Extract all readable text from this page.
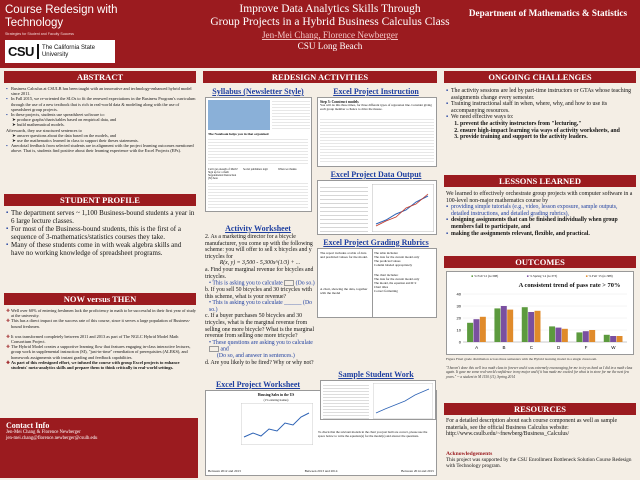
Course Redesign with Technology
Strategies for Student and Faculty Success
CSU The California State University
Improve Data Analytics Skills Through
Group Projects in a Hybrid Business Calculus Class
Jen-Mei Chang, Florence Newberger
CSU Long Beach
Department of Mathematics & Statistics
ABSTRACT
▪ Business Calculus at CSULB has been taught with an innovative and technology-enhanced hybrid model since 2011.
▪ In Fall 2015, we re-oriented the SLOs to fit the renewed expectations in the Business Program's curriculum through the use of a new textbook that is rich in real-world data & modeling along with the use of spreadsheet group projects.
▪ In these projects, students use spreadsheet software to:
➤ produce graphs/charts/tables based on empirical data, and
➤ build mathematical models.
Afterwards, they use structured sentences to
➤ answer questions about the data based on the models, and
➤ use the mathematics learned in class to support their theses statements.
▪ Anecdotal feedback from selected students are in alignment with the project learning outcomes mentioned above. That is, students find positive about their learning experience with the Excel Projects (EPs).
STUDENT PROFILE
▪ The department serves ~ 1,100 Business-bound students a year in 6 large lecture classes.
▪ For most of the Business-bound students, this is the first of a sequence of 3-mathematics/statistics courses they take.
▪ Many of these students come in with weak algebra skills and have no working knowledge of spreadsheet programs.
NOW versus THEN
❖ Well over 60% of entering freshmen lack the proficiency in math to be successful in their first year of study at the university.
❖ This has a direct impact on the success rate of this course, since it serves a large population of Business-bound freshmen.
❖ It was transformed completely between 2011 and 2013 as part of The NGLC Hybrid Model Math Consortium Project.
❖ The Hybrid Model creates a supportive learning flow that features engaging in-class interactive lectures, group work in supplemental instruction (SI), "just-in-time" remediation of prerequisites (ALEKS), and homework assignments with instant grading and feedback capabilities.
❖ As part of this redesigned effort, we infused the course with group Excel projects to enhance students' meta-analytics skills and prepare them to think critically in real-world settings.
Contact Info
Jen-Mei Chang & Florence Newberger
jen-mei.chang@florence.newberger@csulb.edu
REDESIGN ACTIVITIES
Syllabus (Newsletter Style)
The Notebook helps you in that organized
Can't get enough of Math? Sign up for a math Supplemental Instruction (SI) here
Social publishers legit	When we thanks
Excel Project Instruction
Step 3: Construct models
You will do this three times, for three different types of regression line. Consider giving each group member a chance to drive the mouse.
Excel Project Data Output
Activity Worksheet
2. As a marketing director for a bicycle manufacturer, you come up with the following scheme: you will offer to sell x bicycles and y tricycles for
R(x, y) = 3,500 - 5,300x^(1/3) + ...
a. Find your marginal revenue for bicycles and tricycles.
• This is asking you to calculate (Do so.)
b. If you sell 50 bicycles and 30 tricycles with this scheme, what is your revenue?
• This is asking you to calculate ______ (Do so.)
c. If a buyer purchases 50 bicycles and 30 tricycles, what is the marginal revenue from selling one more bicycle? What is the marginal revenue from selling one more tricycle?
• These questions are asking you to calculate  and
(Do so, and answer in sentences.)
d. Are you likely to be fired? Why or why not?
Excel Project Grading Rubrics
The report includes a table of data and predicted values for the model.
A chart, showing the data, together with the model
The table includes:
The data for the current model only
The predicted values
Column labeled appropriately
The chart includes:
The data for the current model only
The model, the equation and R^2
Chart titles
Correct formatting
Excel Project Worksheet
Housing Sales in the US
(1% existing homes)
To check that the relevant models in the chart you just built are correct, please use the space below to write the equation(s) for the model(s) and answer the questions.
Between 2012 and 2013	Between 2013 and 2014	Between 2014 and 2015
Sample Student Work
ONGOING CHALLENGES
▪ The activity sessions are led by part-time instructors or GTAs whose teaching assignments change every semester.
▪ Training instructional staff in when, where, why, and how to use its accompanying resources.
▪ We need effective ways to:
1. prevent the activity instructors from "lecturing,"
2. ensure high-impact learning via ways of activity worksheets, and
3. provide training and support to the activity leaders.
LESSONS LEARNED
We learned to effectively orchestrate group projects with computer software in a 100-level non-major mathematics course by
▪ providing simple tutorials (e.g., video, lesson exposure, sample outputs, detailed instructions, and detailed grading rubrics),
▪ designing assignments that can be finished individually when group members fail to participate, and
▪ making the assignments relevant, flexible, and practical.
OUTCOMES
■ % Fall '12 (n=398)	■ % Spring '14 (n=373)	■ % Fall '15 (n=388)
A consistent trend of pass rate > 70%
0
10
20
30
40
A	B	C	D	F	W
Figure Final grade distribution across three semesters with the Hybrid learning model in a single classroom.
"I haven't done this well in a math class in forever and it was extremely encouraging for me to try as hard as I did in a math class again. It gave me some real-world confidence in my major and if it has made me excited for what is in store for me the next few years." -- a student in M 1150 (11), Spring 2014
RESOURCES
For a detailed description about each course component as well as sample materials, see the official Business Calculus website: http://www.csulb.edu/~fnewberg/Business_Calculus/
Acknowledgements
This project was supported by the CSU Enrollment Bottleneck Solution Course Redesign with Technology program.
